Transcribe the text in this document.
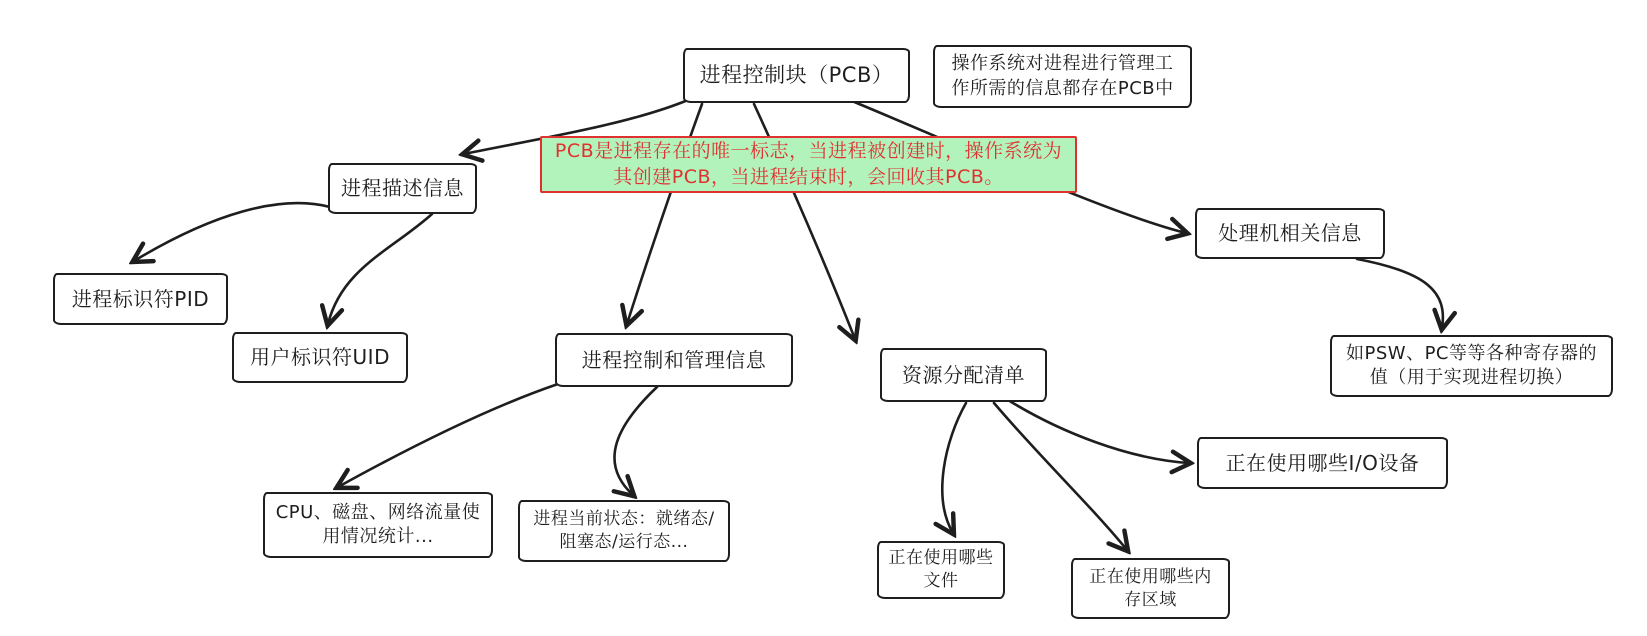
进程控制块（PCB）	操作系统对进程进行管理工作所需的信息都存在PCB中
PCB是进程存在的唯一标志，当进程被创建时，操作系统为其创建PCB，当进程结束时，会回收其PCB。
进程描述信息
进程标识符PID
用户标识符UID	进程控制和管理信息
CPU、磁盘、网络流量使用情况统计...
进程当前状态：就绪态/阻塞态/运行态...
资源分配清单
正在使用哪些文件	正在使用哪些内存区域
正在使用哪些I/O设备
处理机相关信息
如PSW、PC等等各种寄存器的值（用于实现进程切换）
